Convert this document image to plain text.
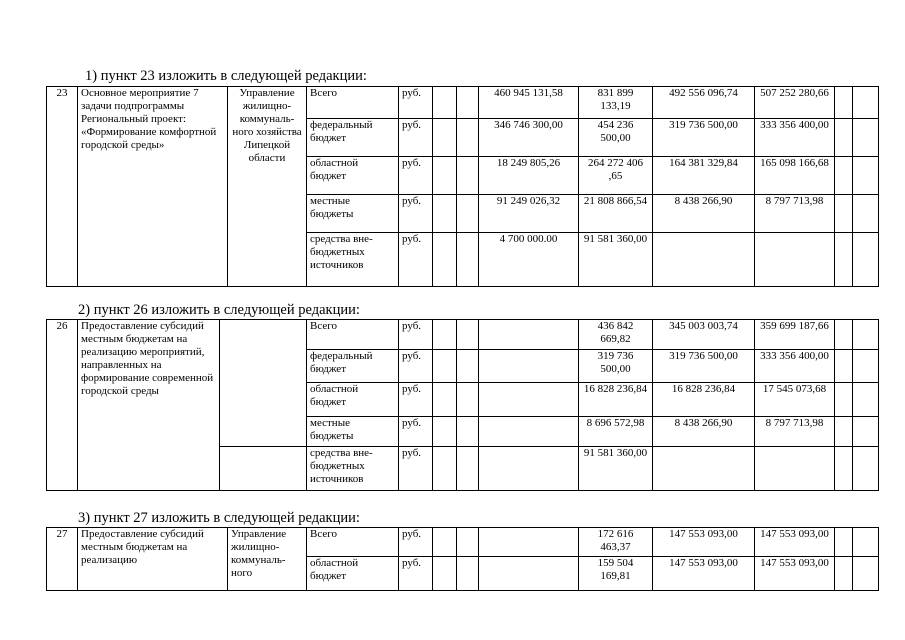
1) пункт 23 изложить в следующей редакции:
23	Основное мероприятие 7 задачи подпрограммы Региональный проект: «Формирование комфортной городской среды»	Управление жилищно-коммуналь-ного хозяйства Липецкой области	Всего	руб.			460 945 131,58	831 899 133,19	492 556 096,74	507 252 280,66		
			федеральный бюджет	руб.			346 746 300,00	454 236 500,00	319 736 500,00	333 356 400,00		
			областной бюджет	руб.			18 249 805,26	264 272 406 ,65	164 381 329,84	165 098 166,68		
			местные бюджеты	руб.			91 249 026,32	21 808 866,54	8 438 266,90	8 797 713,98		
			средства вне-бюджетных источников	руб.			4 700 000.00	91 581 360,00				
2) пункт 26 изложить в следующей редакции:
26	Предоставление субсидий местным бюджетам на реализацию мероприятий, направленных на формирование современной городской среды		Всего	руб.				436 842 669,82	345 003 003,74	359 699 187,66		
			федеральный бюджет	руб.				319 736 500,00	319 736 500,00	333 356 400,00		
			областной бюджет	руб.				16 828 236,84	16 828 236,84	17 545 073,68		
			местные бюджеты	руб.				8 696 572,98	8 438 266,90	8 797 713,98		
			средства вне-бюджетных источников	руб.				91 581 360,00				
3) пункт 27 изложить в следующей редакции:
27	Предоставление субсидий местным бюджетам на реализацию	Управление жилищно-коммуналь-ного	Всего	руб.				172 616 463,37	147 553 093,00	147 553 093,00		
			областной бюджет	руб.				159 504 169,81	147 553 093,00	147 553 093,00		
